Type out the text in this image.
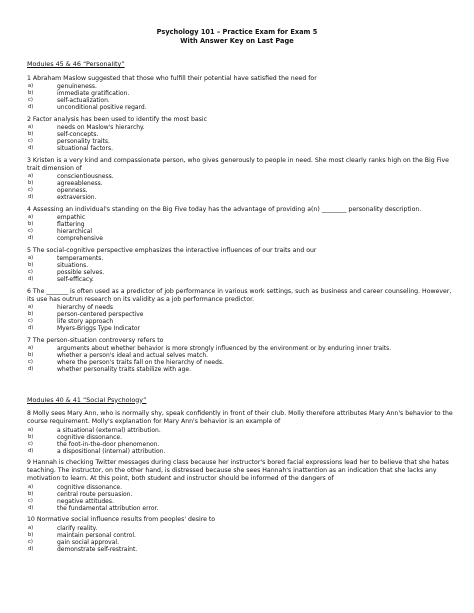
Psychology 101 – Practice Exam for Exam 5
With Answer Key on Last Page
Modules 45 & 46 “Personality”
1 Abraham Maslow suggested that those who fulfill their potential have satisfied the need for
a)	genuineness.
b)	immediate gratification.
c)	self-actualization.
d)	unconditional positive regard.
2 Factor analysis has been used to identify the most basic
a)	needs on Maslow's hierarchy.
b)	self-concepts.
c)	personality traits.
d)	situational factors.
3 Kristen is a very kind and compassionate person, who gives generously to people in need. She most clearly ranks high on the Big Five trait dimension of
a)	conscientiousness.
b)	agreeableness.
c)	openness.
d)	extraversion.
4 Assessing an individual's standing on the Big Five today has the advantage of providing a(n) ________ personality description.
a)	empathic
b)	flattering
c)	hierarchical
d)	comprehensive
5 The social-cognitive perspective emphasizes the interactive influences of our traits and our
a)	temperaments.
b)	situations.
c)	possible selves.
d)	self-efficacy.
6 The _______ is often used as a predictor of job performance in various work settings, such as business and career counseling. However, its use has outrun research on its validity as a job performance predictor.
a)	hierarchy of needs
b)	person-centered perspective
c)	life story approach
d)	Myers-Briggs Type Indicator
7 The person-situation controversy refers to
a)	arguments about whether behavior is more strongly influenced by the environment or by enduring inner traits.
b)	whether a person's ideal and actual selves match.
c)	where the person's traits fall on the hierarchy of needs.
d)	whether personality traits stabilize with age.
Modules 40 & 41 “Social Psychology”
8 Molly sees Mary Ann, who is normally shy, speak confidently in front of their club. Molly therefore attributes Mary Ann's behavior to the course requirement. Molly's explanation for Mary Ann's behavior is an example of
a)	a situational (external) attribution.
b)	cognitive dissonance.
c)	the foot-in-the-door phenomenon.
d)	a dispositional (internal) attribution.
9 Hannah is checking Twitter messages during class because her instructor's bored facial expressions lead her to believe that she hates teaching. The instructor, on the other hand, is distressed because she sees Hannah's inattention as an indication that she lacks any motivation to learn. At this point, both student and instructor should be informed of the dangers of
a)	cognitive dissonance.
b)	central route persuasion.
c)	negative attitudes.
d)	the fundamental attribution error.
10 Normative social influence results from peoples' desire to
a)	clarify reality.
b)	maintain personal control.
c)	gain social approval.
d)	demonstrate self-restraint.
